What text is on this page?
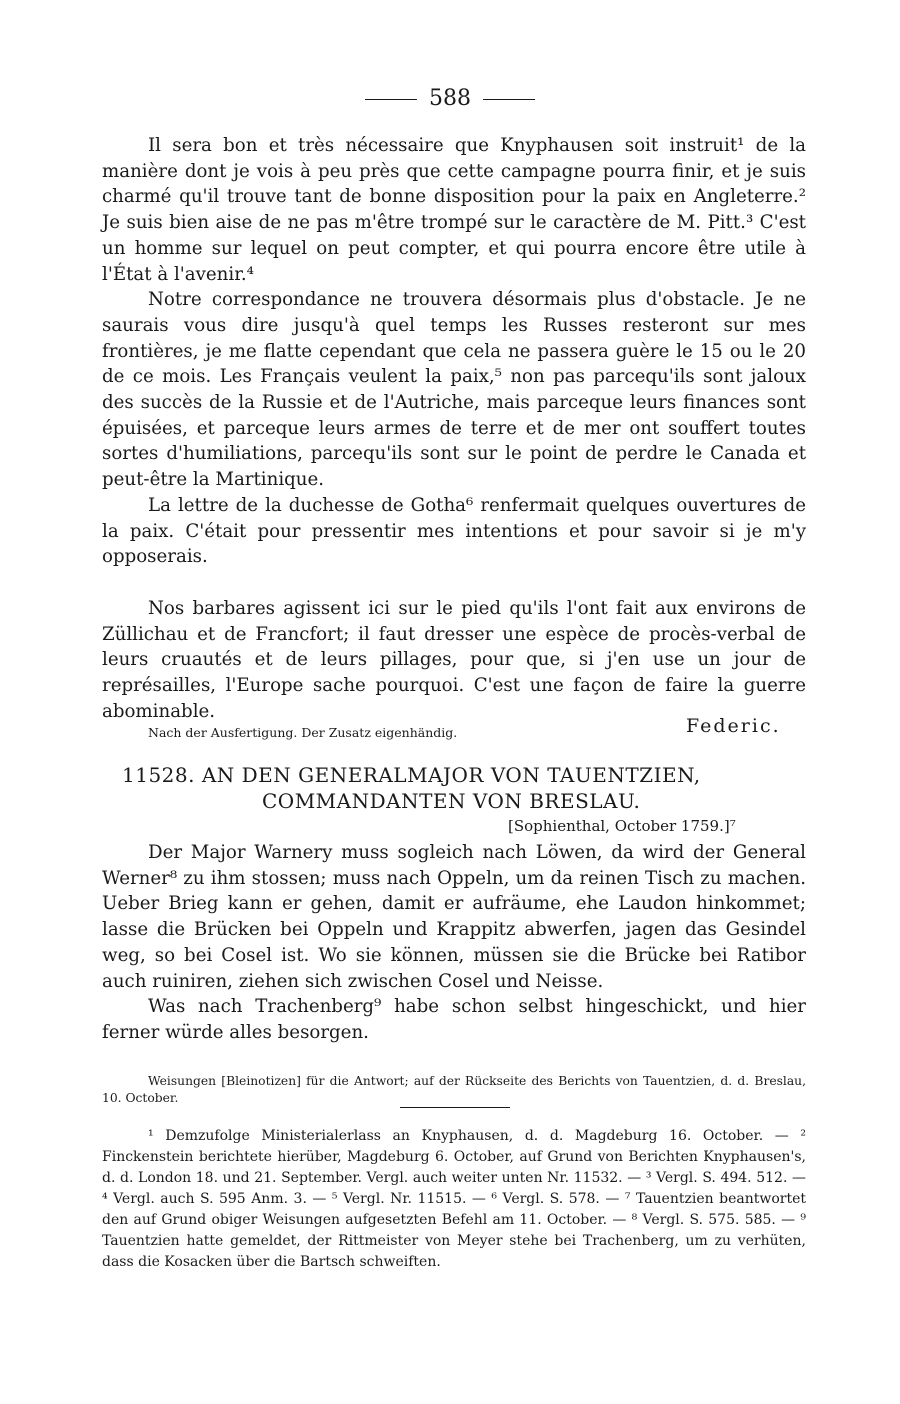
588

Il sera bon et très nécessaire que Knyphausen soit instruit¹ de la manière dont je vois à peu près que cette campagne pourra finir, et je suis charmé qu'il trouve tant de bonne disposition pour la paix en Angleterre.² Je suis bien aise de ne pas m'être trompé sur le caractère de M. Pitt.³ C'est un homme sur lequel on peut compter, et qui pourra encore être utile à l'État à l'avenir.⁴

Notre correspondance ne trouvera désormais plus d'obstacle. Je ne saurais vous dire jusqu'à quel temps les Russes resteront sur mes frontières, je me flatte cependant que cela ne passera guère le 15 ou le 20 de ce mois. Les Français veulent la paix,⁵ non pas parcequ'ils sont jaloux des succès de la Russie et de l'Autriche, mais parceque leurs finances sont épuisées, et parceque leurs armes de terre et de mer ont souffert toutes sortes d'humiliations, parcequ'ils sont sur le point de perdre le Canada et peut-être la Martinique.

La lettre de la duchesse de Gotha⁶ renfermait quelques ouvertures de la paix. C'était pour pressentir mes intentions et pour savoir si je m'y opposerais.

Nos barbares agissent ici sur le pied qu'ils l'ont fait aux environs de Züllichau et de Francfort; il faut dresser une espèce de procès-verbal de leurs cruautés et de leurs pillages, pour que, si j'en use un jour de représailles, l'Europe sache pourquoi. C'est une façon de faire la guerre abominable.

Nach der Ausfertigung. Der Zusatz eigenhändig.	Federic.
11528. AN DEN GENERALMAJOR VON TAUENTZIEN,
COMMANDANTEN VON BRESLAU.
[Sophienthal, October 1759.]⁷

Der Major Warnery muss sogleich nach Löwen, da wird der General Werner⁸ zu ihm stossen; muss nach Oppeln, um da reinen Tisch zu machen. Ueber Brieg kann er gehen, damit er aufräume, ehe Laudon hinkommet; lasse die Brücken bei Oppeln und Krappitz abwerfen, jagen das Gesindel weg, so bei Cosel ist. Wo sie können, müssen sie die Brücke bei Ratibor auch ruiniren, ziehen sich zwischen Cosel und Neisse.

Was nach Trachenberg⁹ habe schon selbst hingeschickt, und hier ferner würde alles besorgen.

Weisungen [Bleinotizen] für die Antwort; auf der Rückseite des Berichts von Tauentzien, d. d. Breslau, 10. October.
¹ Demzufolge Ministerialerlass an Knyphausen, d. d. Magdeburg 16. October. — ² Finckenstein berichtete hierüber, Magdeburg 6. October, auf Grund von Berichten Knyphausen's, d. d. London 18. und 21. September. Vergl. auch weiter unten Nr. 11532. — ³ Vergl. S. 494. 512. — ⁴ Vergl. auch S. 595 Anm. 3. — ⁵ Vergl. Nr. 11515. — ⁶ Vergl. S. 578. — ⁷ Tauentzien beantwortet den auf Grund obiger Weisungen aufgesetzten Befehl am 11. October. — ⁸ Vergl. S. 575. 585. — ⁹ Tauentzien hatte gemeldet, der Rittmeister von Meyer stehe bei Trachenberg, um zu verhüten, dass die Kosacken über die Bartsch schweiften.
